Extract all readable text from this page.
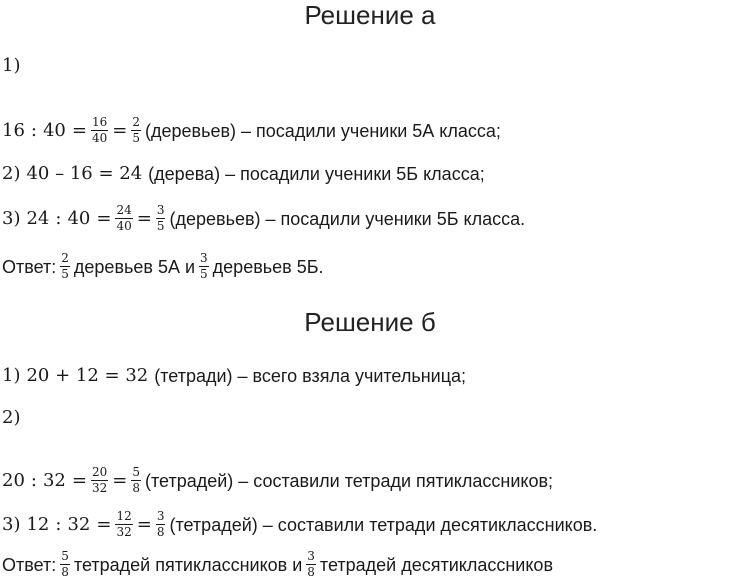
Решение а
1)
16 : $40 = \frac{16}{40} = \frac{2}{5}$ (деревьев) – посадили ученики 5А класса;
2) 40 – 16 = 24 (дерева) – посадили ученики 5Б класса;
3) 24 : $40 = \frac{24}{40} = \frac{3}{5}$ (деревьев) – посадили ученики 5Б класса.
Ответ: $\frac{2}{5}$ деревьев 5А и $\frac{3}{5}$ деревьев 5Б.
Решение б
1) 20 + 12 = 32 (тетради) – всего взяла учительница;
2)
20 : $32 = \frac{20}{32} = \frac{5}{8}$ (тетрадей) – составили тетради пятиклассников;
3) 12 : $32 = \frac{12}{32} = \frac{3}{8}$ (тетрадей) – составили тетради десятиклассников.
Ответ: $\frac{5}{8}$ тетрадей пятиклассников и $\frac{3}{8}$ тетрадей десятиклассников
